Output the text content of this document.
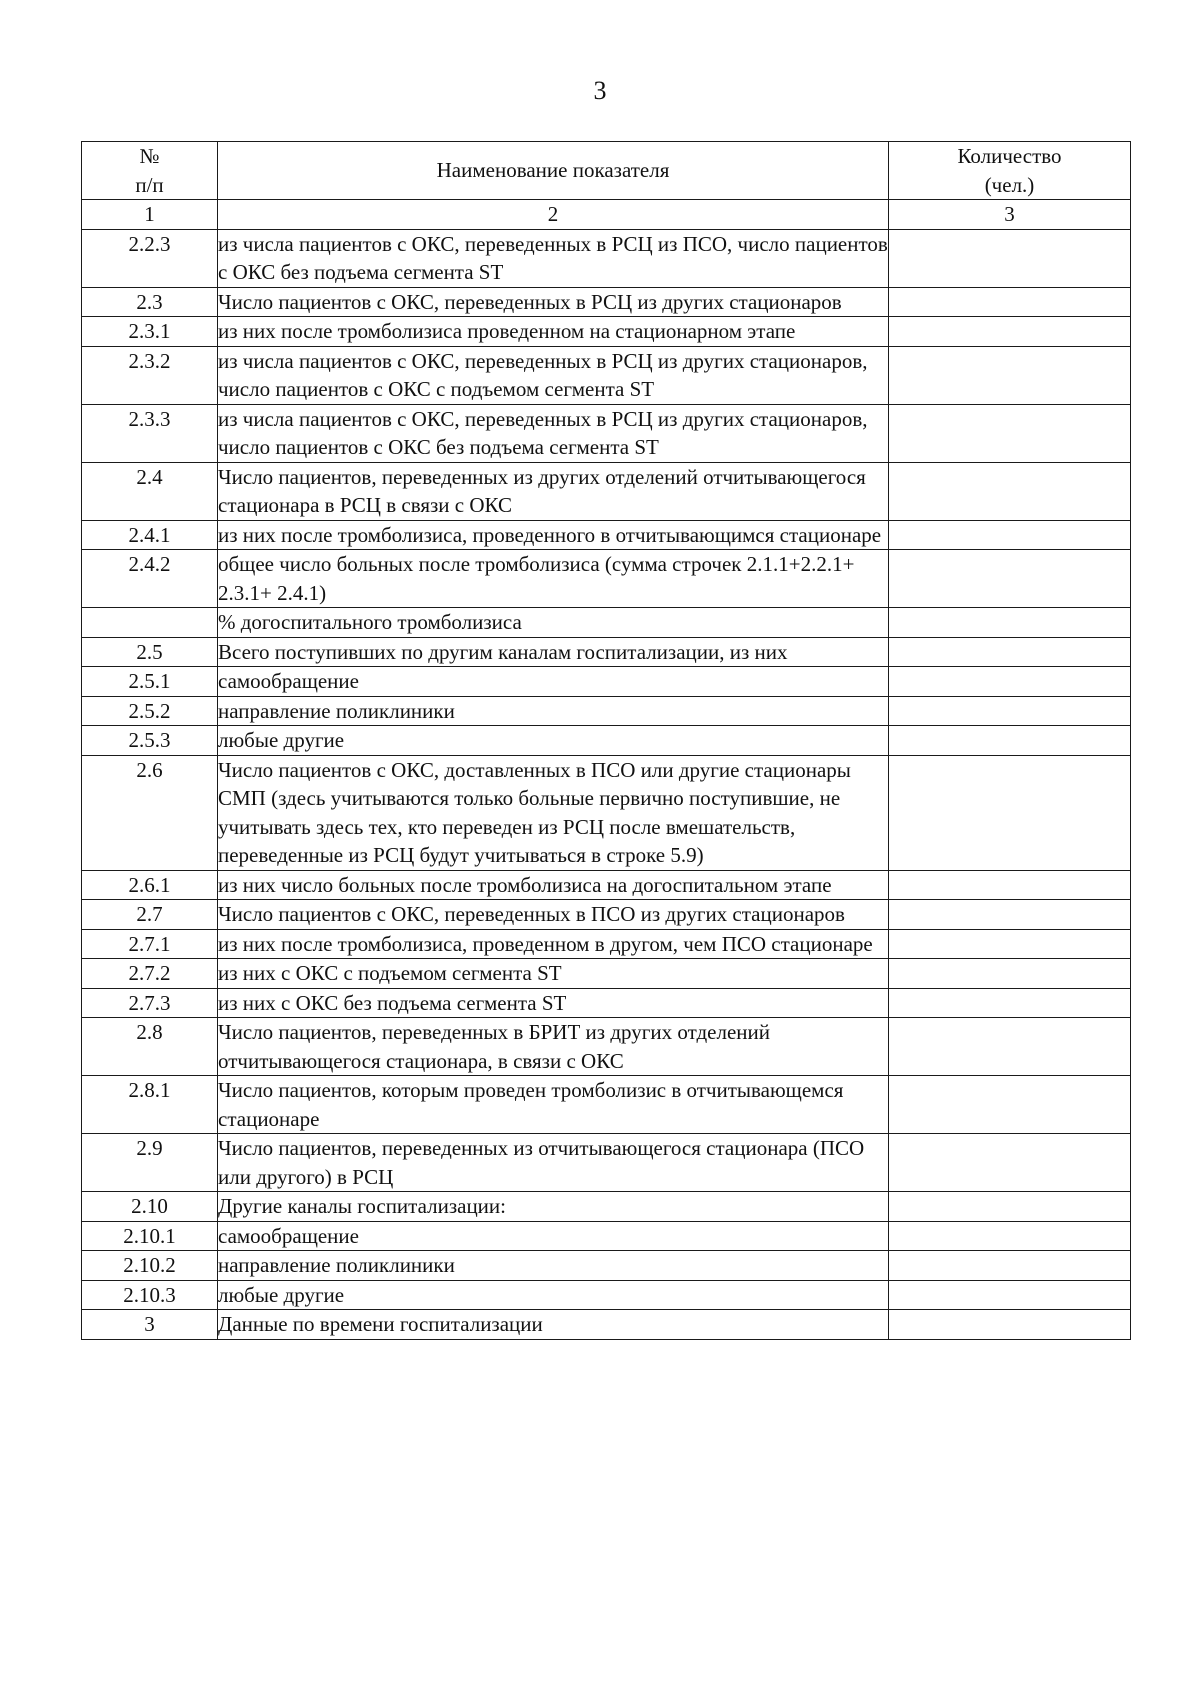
3
№
п/п	Наименование показателя	Количество
(чел.)

1	2	3
2.2.3	из числа пациентов с ОКС, переведенных в РСЦ из ПСО, число пациентов с ОКС без подъема сегмента ST	
2.3	Число пациентов с ОКС, переведенных в РСЦ из других стационаров	
2.3.1	из них после тромболизиса проведенном на стационарном этапе	
2.3.2	из числа пациентов с ОКС, переведенных в РСЦ из других стационаров, число пациентов с ОКС с подъемом сегмента ST	
2.3.3	из числа пациентов с ОКС, переведенных в РСЦ из других стационаров, число пациентов с ОКС без подъема сегмента ST	
2.4	Число пациентов, переведенных из других отделений отчитывающегося стационара в РСЦ в связи с ОКС	
2.4.1	из них после тромболизиса, проведенного в отчитывающимся стационаре	
2.4.2	общее число больных после тромболизиса (сумма строчек 2.1.1+2.2.1+ 2.3.1+ 2.4.1)	
	% догоспитального тромболизиса	
2.5	Всего поступивших по другим каналам госпитализации, из них	
2.5.1	самообращение	
2.5.2	направление поликлиники	
2.5.3	любые другие	
2.6	Число пациентов с ОКС, доставленных в ПСО или другие стационары СМП (здесь учитываются только больные первично поступившие, не учитывать здесь тех, кто переведен из РСЦ после вмешательств, переведенные из РСЦ будут учитываться в строке 5.9)	
2.6.1	из них число больных после тромболизиса на догоспитальном этапе	
2.7	Число пациентов с ОКС, переведенных в ПСО из других стационаров	
2.7.1	из них после тромболизиса, проведенном в другом, чем ПСО стационаре	
2.7.2	из них с ОКС с подъемом сегмента ST	
2.7.3	из них с ОКС без подъема сегмента ST	
2.8	Число пациентов, переведенных в БРИТ из других отделений отчитывающегося стационара, в связи с ОКС	
2.8.1	Число пациентов, которым проведен тромболизис в отчитывающемся стационаре	
2.9	Число пациентов, переведенных из отчитывающегося стационара (ПСО или другого) в РСЦ	
2.10	Другие каналы госпитализации:	
2.10.1	самообращение	
2.10.2	направление поликлиники	
2.10.3	любые другие	
3	Данные по времени госпитализации	
